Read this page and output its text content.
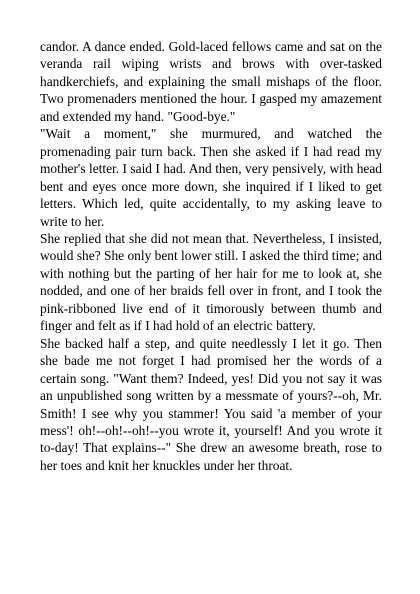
candor. A dance ended. Gold-laced fellows came and sat on the veranda rail wiping wrists and brows with over-tasked handkerchiefs, and explaining the small mishaps of the floor. Two promenaders mentioned the hour. I gasped my amazement and extended my hand. "Good-bye."

"Wait a moment," she murmured, and watched the promenading pair turn back. Then she asked if I had read my mother's letter. I said I had. And then, very pensively, with head bent and eyes once more down, she inquired if I liked to get letters. Which led, quite accidentally, to my asking leave to write to her.

She replied that she did not mean that. Nevertheless, I insisted, would she? She only bent lower still. I asked the third time; and with nothing but the parting of her hair for me to look at, she nodded, and one of her braids fell over in front, and I took the pink-ribboned live end of it timorously between thumb and finger and felt as if I had hold of an electric battery.

She backed half a step, and quite needlessly I let it go. Then she bade me not forget I had promised her the words of a certain song. "Want them? Indeed, yes! Did you not say it was an unpublished song written by a messmate of yours?--oh, Mr. Smith! I see why you stammer! You said 'a member of your mess'! oh!--oh!--oh!--you wrote it, yourself! And you wrote it to-day! That explains--" She drew an awesome breath, rose to her toes and knit her knuckles under her throat.
